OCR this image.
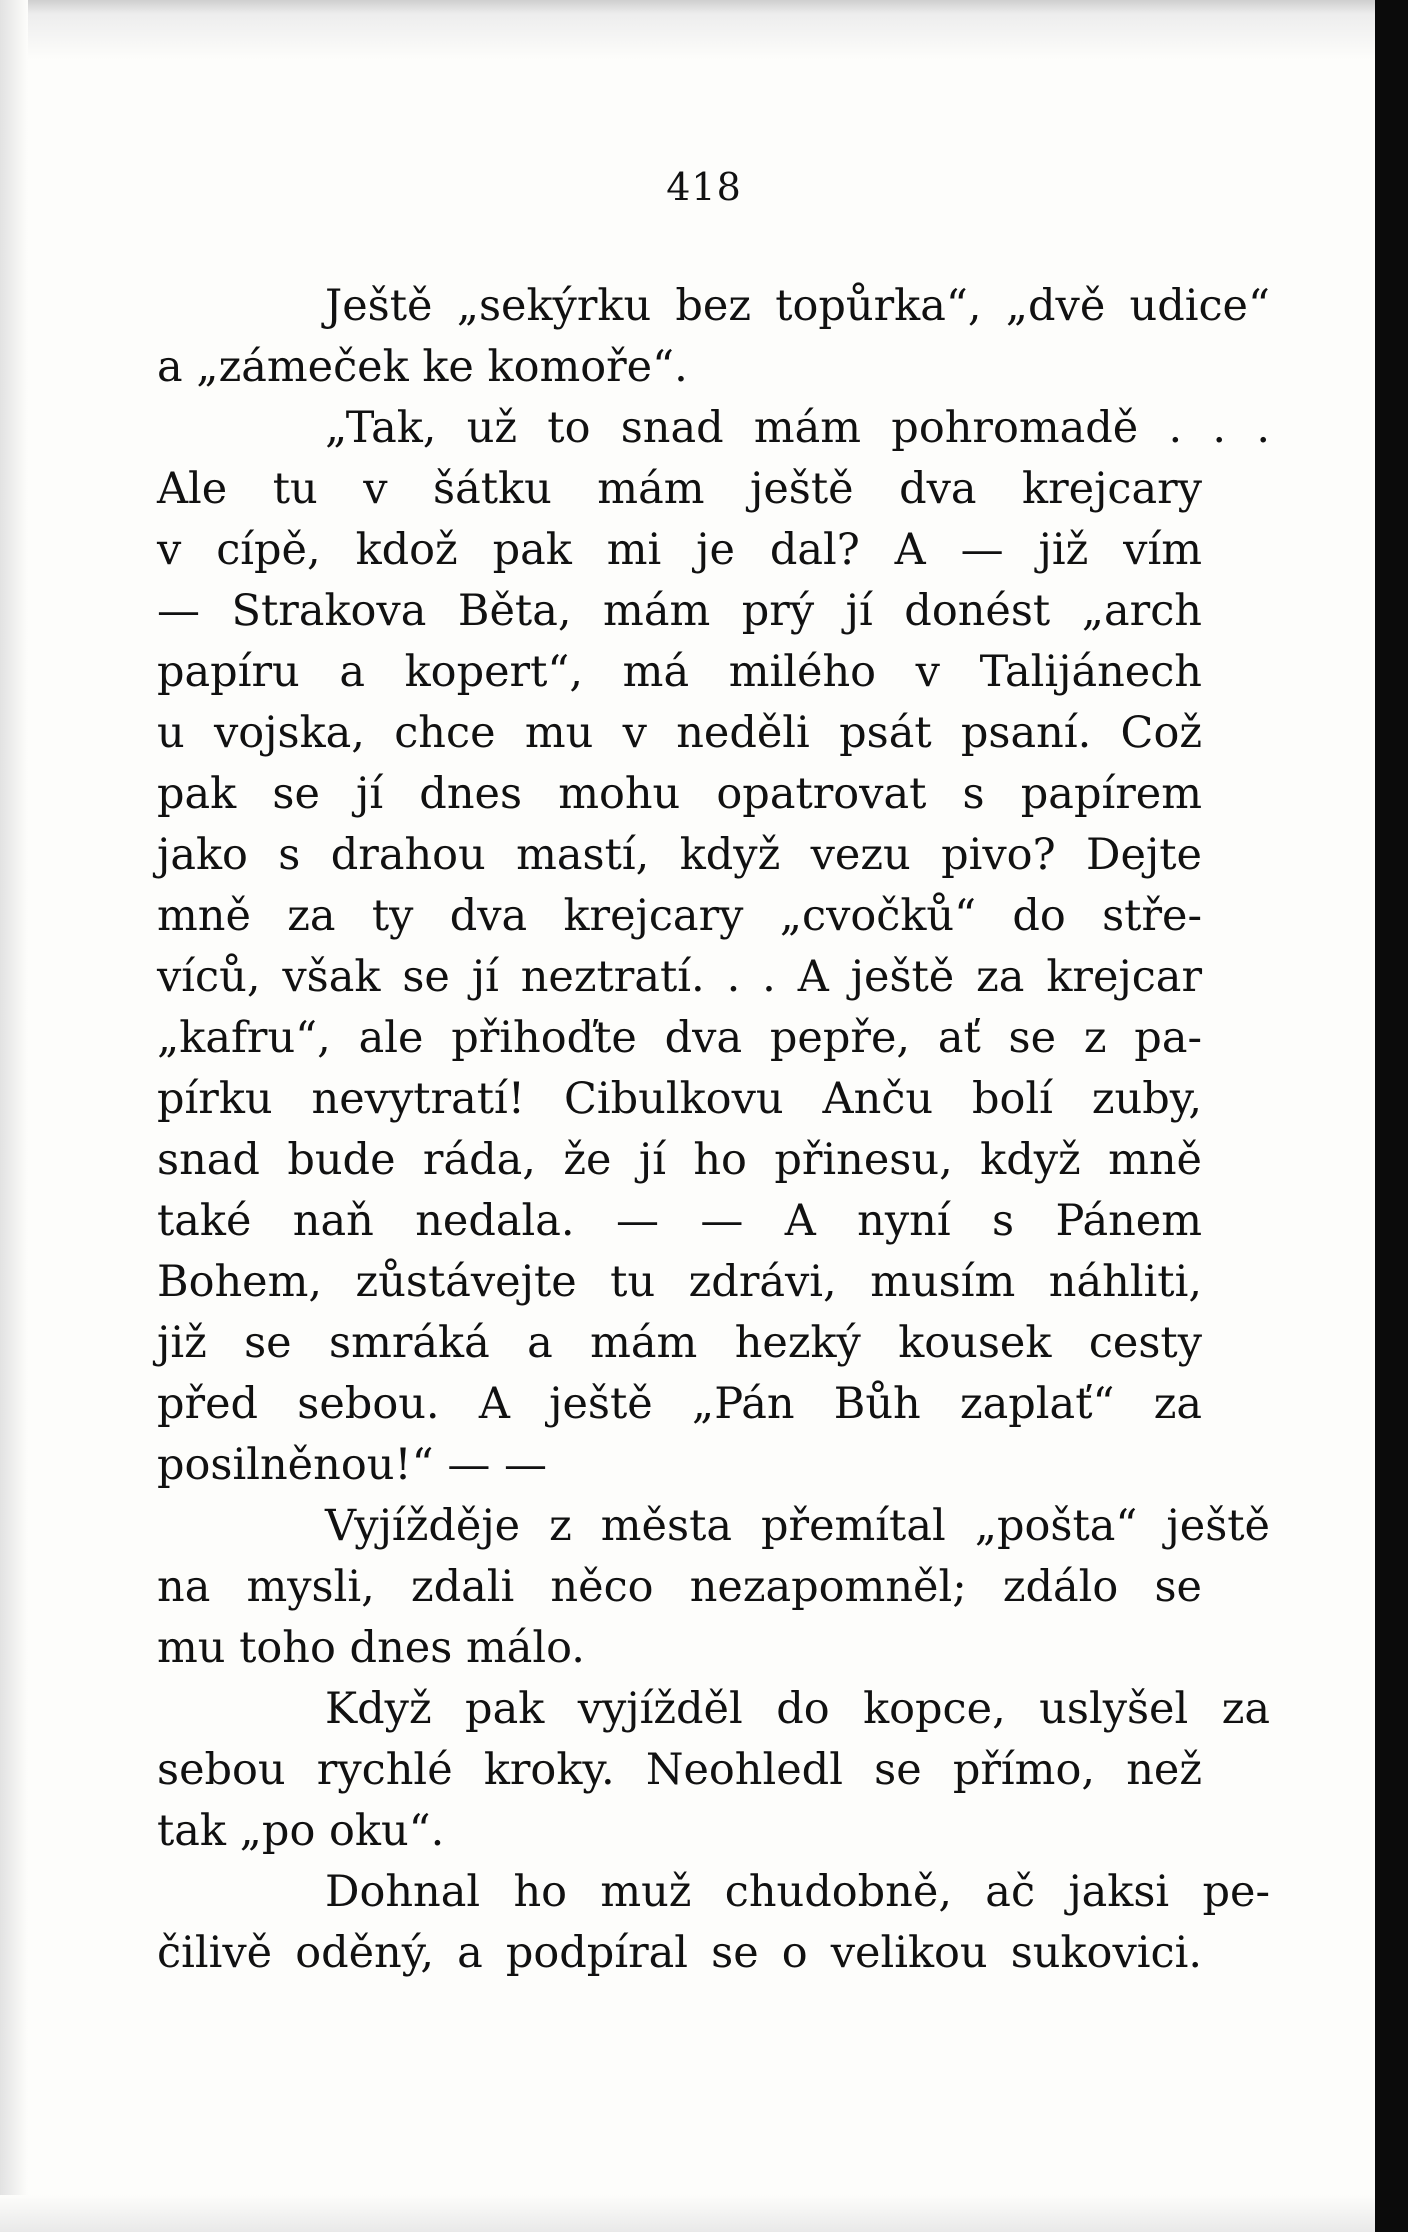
418
Ještě „sekýrku bez topůrka“, „dvě udice“
a „zámeček ke komoře“.
„Tak, už to snad mám pohromadě . . .
Ale tu v šátku mám ještě dva krejcary
v cípě, kdož pak mi je dal? A — již vím
— Strakova Běta, mám prý jí donést „arch
papíru a kopert“, má milého v Talijánech
u vojska, chce mu v neděli psát psaní. Což
pak se jí dnes mohu opatrovat s papírem
jako s drahou mastí, když vezu pivo? Dejte
mně za ty dva krejcary „cvočků“ do stře-
víců, však se jí neztratí. . . A ještě za krejcar
„kafru“, ale přihoďte dva pepře, ať se z pa-
pírku nevytratí! Cibulkovu Anču bolí zuby,
snad bude ráda, že jí ho přinesu, když mně
také naň nedala. — — A nyní s Pánem
Bohem, zůstávejte tu zdrávi, musím náhliti,
již se smráká a mám hezký kousek cesty
před sebou. A ještě „Pán Bůh zaplať“ za
posilněnou!“ — —
Vyjížděje z města přemítal „pošta“ ještě
na mysli, zdali něco nezapomněl; zdálo se
mu toho dnes málo.
Když pak vyjížděl do kopce, uslyšel za
sebou rychlé kroky. Neohledl se přímo, než
tak „po oku“.
Dohnal ho muž chudobně, ač jaksi pe-
čilivě oděný, a podpíral se o velikou sukovici.
